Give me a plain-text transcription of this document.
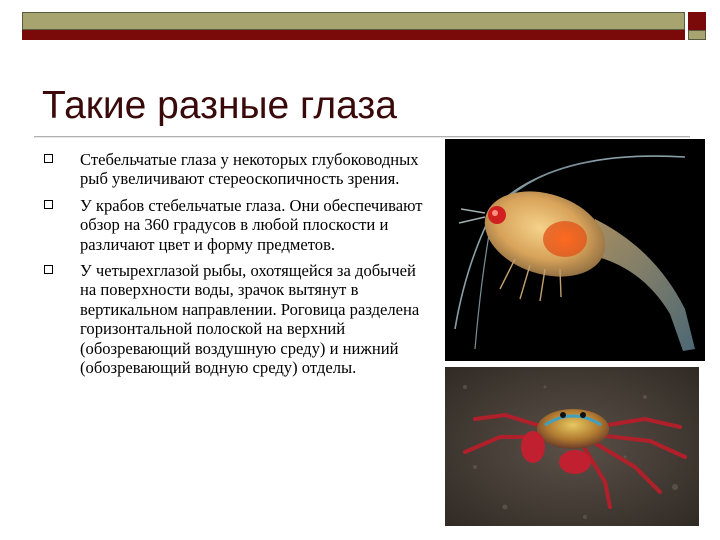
Такие разные глаза
Стебельчатые глаза у некоторых глубоководных рыб увеличивают стереоскопичность зрения.
У крабов стебельчатые глаза. Они обеспечивают обзор на 360 градусов в любой плоскости и различают цвет и форму предметов.
У четырехглазой рыбы, охотящейся за добычей на поверхности воды, зрачок вытянут в вертикальном направлении. Роговица разделена горизонтальной полоской на верхний (обозревающий воздушную среду) и нижний (обозревающий водную среду) отделы.
